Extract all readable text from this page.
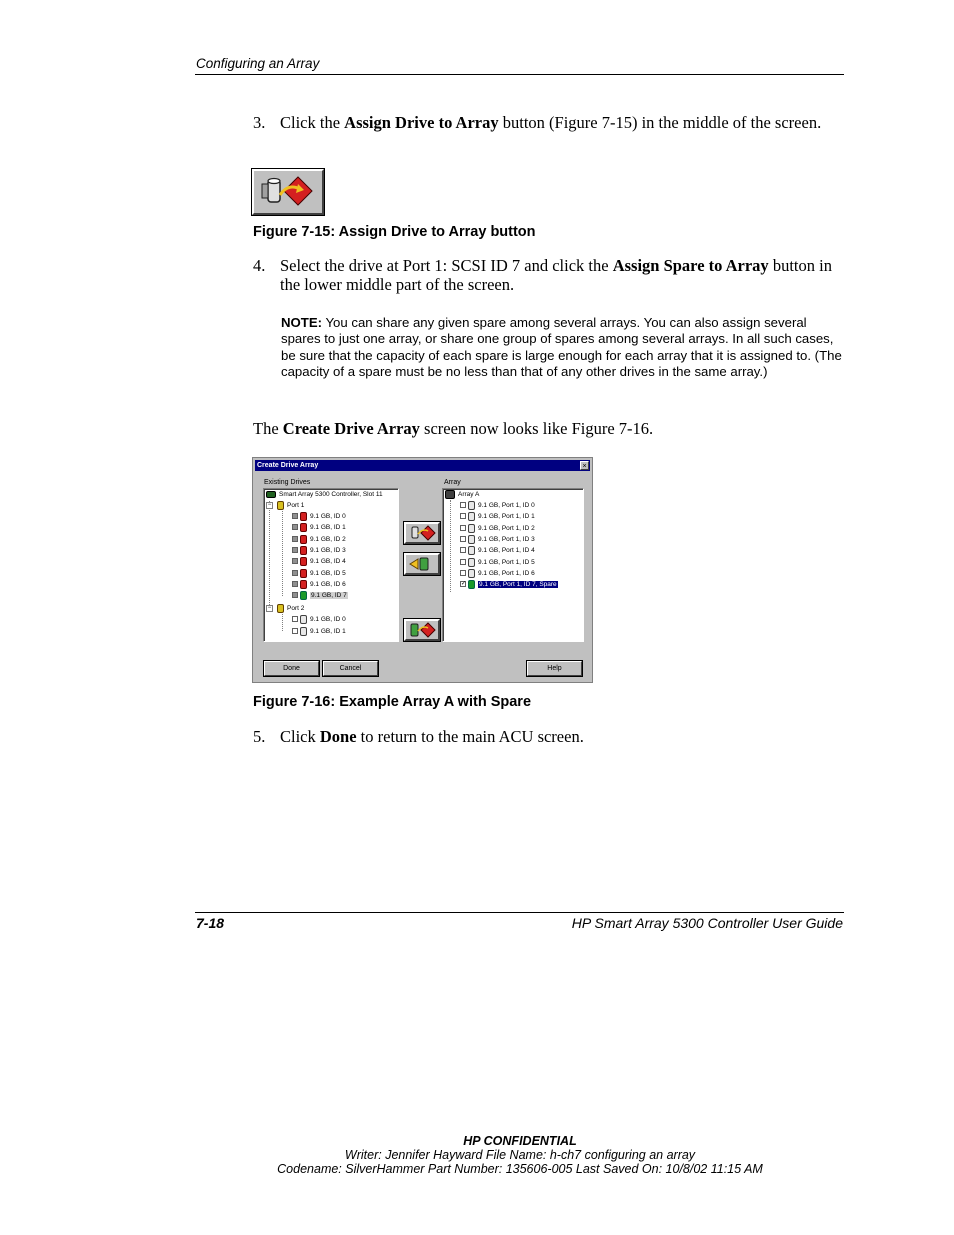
Configuring an Array
3. Click the Assign Drive to Array button (Figure 7-15) in the middle of the screen.
Figure 7-15: Assign Drive to Array button
4. Select the drive at Port 1: SCSI ID 7 and click the Assign Spare to Array button in the lower middle part of the screen.
NOTE: You can share any given spare among several arrays. You can also assign several spares to just one array, or share one group of spares among several arrays. In all such cases, be sure that the capacity of each spare is large enough for each array that it is assigned to. (The capacity of a spare must be no less than that of any other drives in the same array.)
The Create Drive Array screen now looks like Figure 7-16.
Create Drive Array	×
Existing Drives	Array
Smart Array 5300 Controller, Slot 11
−	Port 1
9.1 GB, ID 0
9.1 GB, ID 1
9.1 GB, ID 2
9.1 GB, ID 3
9.1 GB, ID 4
9.1 GB, ID 5
9.1 GB, ID 6
9.1 GB, ID 7
−	Port 2
9.1 GB, ID 0
9.1 GB, ID 1
Array A
9.1 GB, Port 1, ID 0
9.1 GB, Port 1, ID 1
9.1 GB, Port 1, ID 2
9.1 GB, Port 1, ID 3
9.1 GB, Port 1, ID 4
9.1 GB, Port 1, ID 5
9.1 GB, Port 1, ID 6
✓ 9.1 GB, Port 1, ID 7, Spare
Done	Cancel	Help
Figure 7-16: Example Array A with Spare
5. Click Done to return to the main ACU screen.
7-18	HP Smart Array 5300 Controller User Guide
HP CONFIDENTIAL
Writer: Jennifer Hayward File Name: h-ch7 configuring an array
Codename: SilverHammer Part Number: 135606-005 Last Saved On: 10/8/02 11:15 AM
